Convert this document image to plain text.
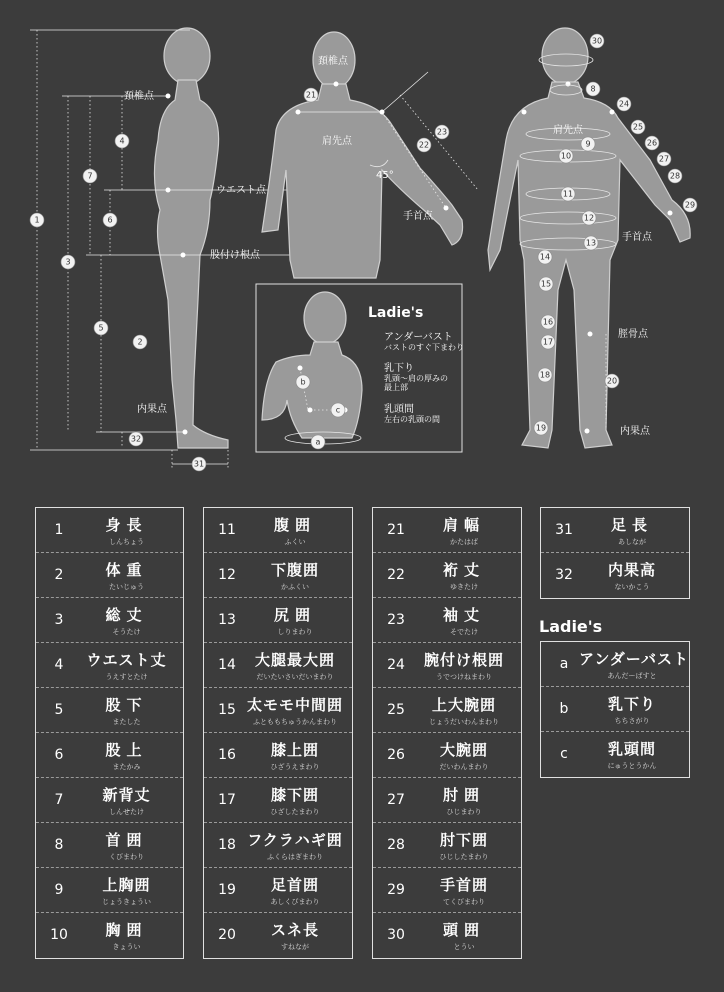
頚椎点
ウエスト点
股付け根点
内果点
頚椎点
肩先点
手首点
45°
肩先点
手首点
脛骨点
内果点
Ladie's
アンダーバスト
バストのすぐ下まわり
乳下り
乳頭〜肩の厚みの
最上部
乳頭間
左右の乳頭の間
1
2
3
4
5
6
7
8
9
10
11
12
13
14
15
16
17
18
19
20
21
22
23
24
25
26
27
28
29
30
31
32	a
b
c
1	身長
しんちょう
2	体重
たいじゅう
3	総丈
そうたけ
4	ウエスト丈
うえすとたけ
5	股下
またした
6	股上
またかみ
7	新背丈
しんせたけ
8	首囲
くびまわり
9	上胸囲
じょうきょうい
10	胸囲
きょうい
11	腹囲
ふくい
12	下腹囲
かふくい
13	尻囲
しりまわり
14	大腿最大囲
だいたいさいだいまわり
15 太モモ中間囲
ふとももちゅうかんまわり
16	膝上囲
ひざうえまわり
17	膝下囲
ひざしたまわり
18 フクラハギ囲
ふくらはぎまわり
19	足首囲
あしくびまわり
20	スネ長
すねなが
21	肩幅
かたはば
22	裄丈
ゆきたけ
23	袖丈
そでたけ
24	腕付け根囲
うでつけねまわり
25	上大腕囲
じょうだいわんまわり
26	大腕囲
だいわんまわり
27	肘囲
ひじまわり
28	肘下囲
ひじしたまわり
29	手首囲
てくびまわり
30	頭囲
とうい
31	足長
あしなが
32	内果高
ないかこう
Ladie's
a アンダーバスト
あんだーばすと
b	乳下り
ちちさがり
c	乳頭間
にゅうとうかん
